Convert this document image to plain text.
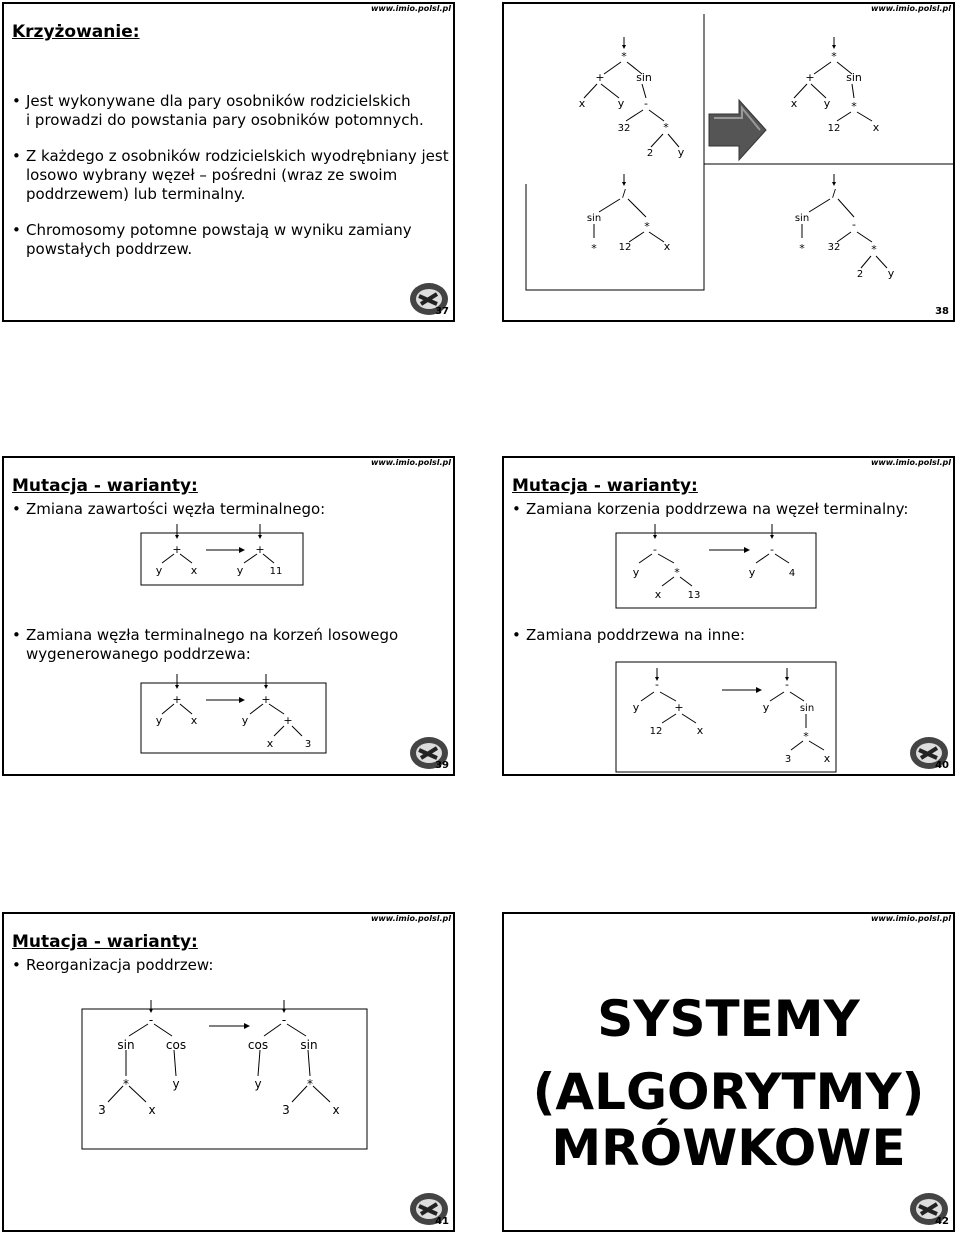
www.imio.polsl.pl
Krzyżowanie:
• Jest wykonywane dla pary osobników rodzicielskich
i prowadzi do powstania pary osobników potomnych.
• Z każdego z osobników rodzicielskich wyodrębniany jest
losowo wybrany węzeł – pośredni (wraz ze swoim
poddrzewem) lub terminalny.
• Chromosomy potomne powstają w wyniku zamiany
powstałych poddrzew.
37
www.imio.polsl.pl
*
+	sin
x	y -
32	*
2 y
*
+	sin
x y *
12	x
/
sin
*
* 12	x
/
sin	-
* 32	*
2 y
38
www.imio.polsl.pl
Mutacja - warianty:
• Zmiana zawartości węzła terminalnego:
• Zamiana węzła terminalnego na korzeń losowego
wygenerowanego poddrzewa:
+
y	x
+
y	11
+
y	x
+
y	+
x	3
39
www.imio.polsl.pl
Mutacja - warianty:
• Zamiana korzenia poddrzewa na węzeł terminalny:
• Zamiana poddrzewa na inne:
-
y	*
x	13
-
y	4
-
y	+
12	x
-
y	sin
*
3	x
40
www.imio.polsl.pl
Mutacja - warianty:
• Reorganizacja poddrzew:
-
sin	cos
*	y
3	x
-
cos	sin
y	*
3	x
41
www.imio.polsl.pl
SYSTEMY
(ALGORYTMY)
MRÓWKOWE
42
